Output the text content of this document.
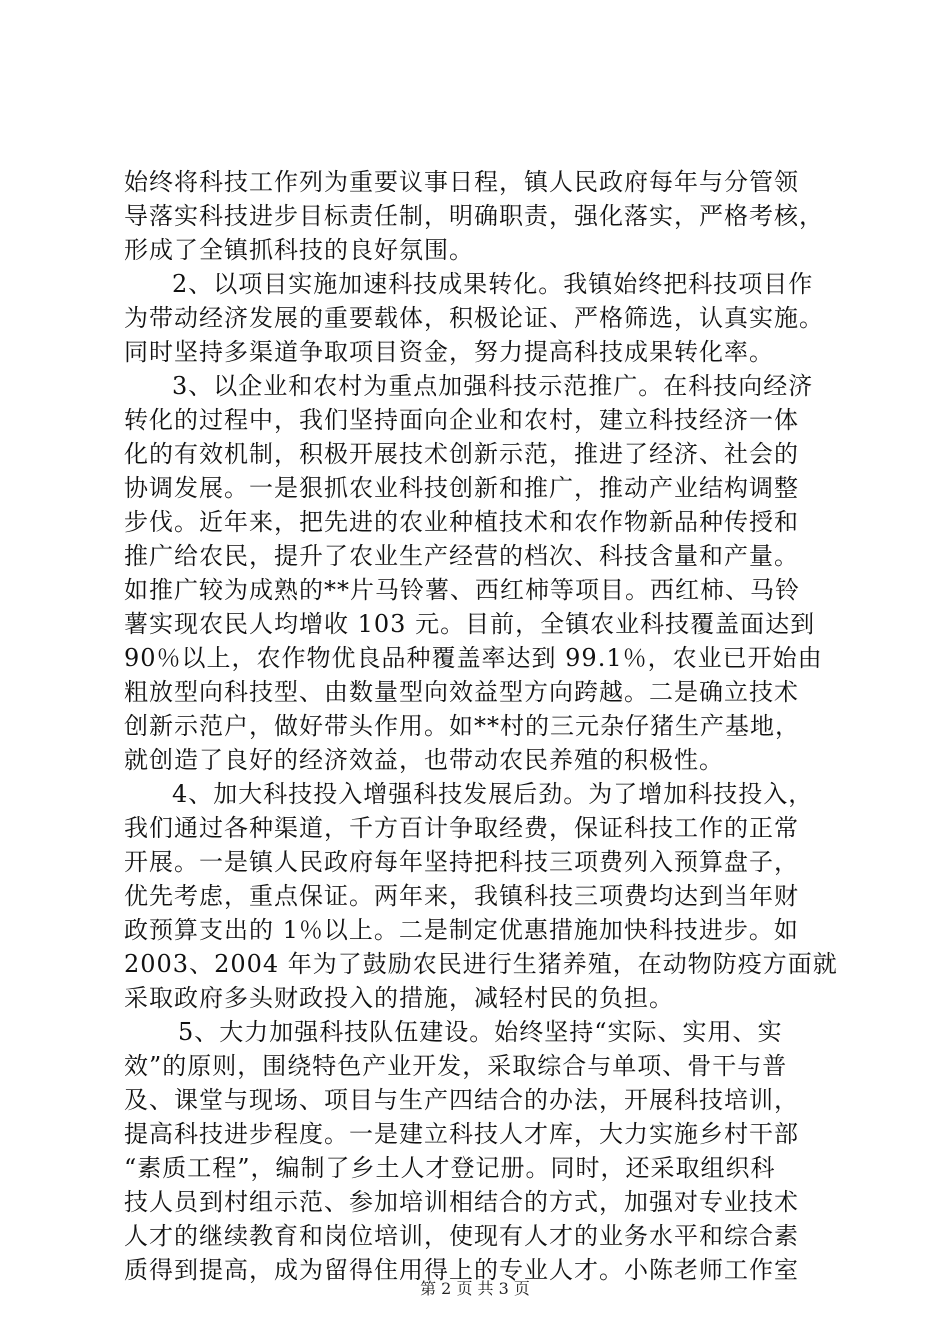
始终将科技工作列为重要议事日程，镇人民政府每年与分管领
导落实科技进步目标责任制，明确职责，强化落实，严格考核，
形成了全镇抓科技的良好氛围。
2、以项目实施加速科技成果转化。我镇始终把科技项目作
为带动经济发展的重要载体，积极论证、严格筛选，认真实施。
同时坚持多渠道争取项目资金，努力提高科技成果转化率。
3、以企业和农村为重点加强科技示范推广。在科技向经济
转化的过程中，我们坚持面向企业和农村，建立科技经济一体
化的有效机制，积极开展技术创新示范，推进了经济、社会的
协调发展。一是狠抓农业科技创新和推广，推动产业结构调整
步伐。近年来，把先进的农业种植技术和农作物新品种传授和
推广给农民，提升了农业生产经营的档次、科技含量和产量。
如推广较为成熟的**片马铃薯、西红柿等项目。西红柿、马铃
薯实现农民人均增收 103 元。目前，全镇农业科技覆盖面达到
90％以上，农作物优良品种覆盖率达到 99.1％，农业已开始由
粗放型向科技型、由数量型向效益型方向跨越。二是确立技术
创新示范户，做好带头作用。如**村的三元杂仔猪生产基地，
就创造了良好的经济效益，也带动农民养殖的积极性。
4、加大科技投入增强科技发展后劲。为了增加科技投入，
我们通过各种渠道，千方百计争取经费，保证科技工作的正常
开展。一是镇人民政府每年坚持把科技三项费列入预算盘子，
优先考虑，重点保证。两年来，我镇科技三项费均达到当年财
政预算支出的 1％以上。二是制定优惠措施加快科技进步。如
2003、2004 年为了鼓励农民进行生猪养殖，在动物防疫方面就
采取政府多头财政投入的措施，减轻村民的负担。
5、大力加强科技队伍建设。始终坚持“实际、实用、实
效”的原则，围绕特色产业开发，采取综合与单项、骨干与普
及、课堂与现场、项目与生产四结合的办法，开展科技培训，
提高科技进步程度。一是建立科技人才库，大力实施乡村干部
“素质工程”，编制了乡土人才登记册。同时，还采取组织科
技人员到村组示范、参加培训相结合的方式，加强对专业技术
人才的继续教育和岗位培训，使现有人才的业务水平和综合素
质得到提高，成为留得住用得上的专业人才。小陈老师工作室
第 2 页 共 3 页
